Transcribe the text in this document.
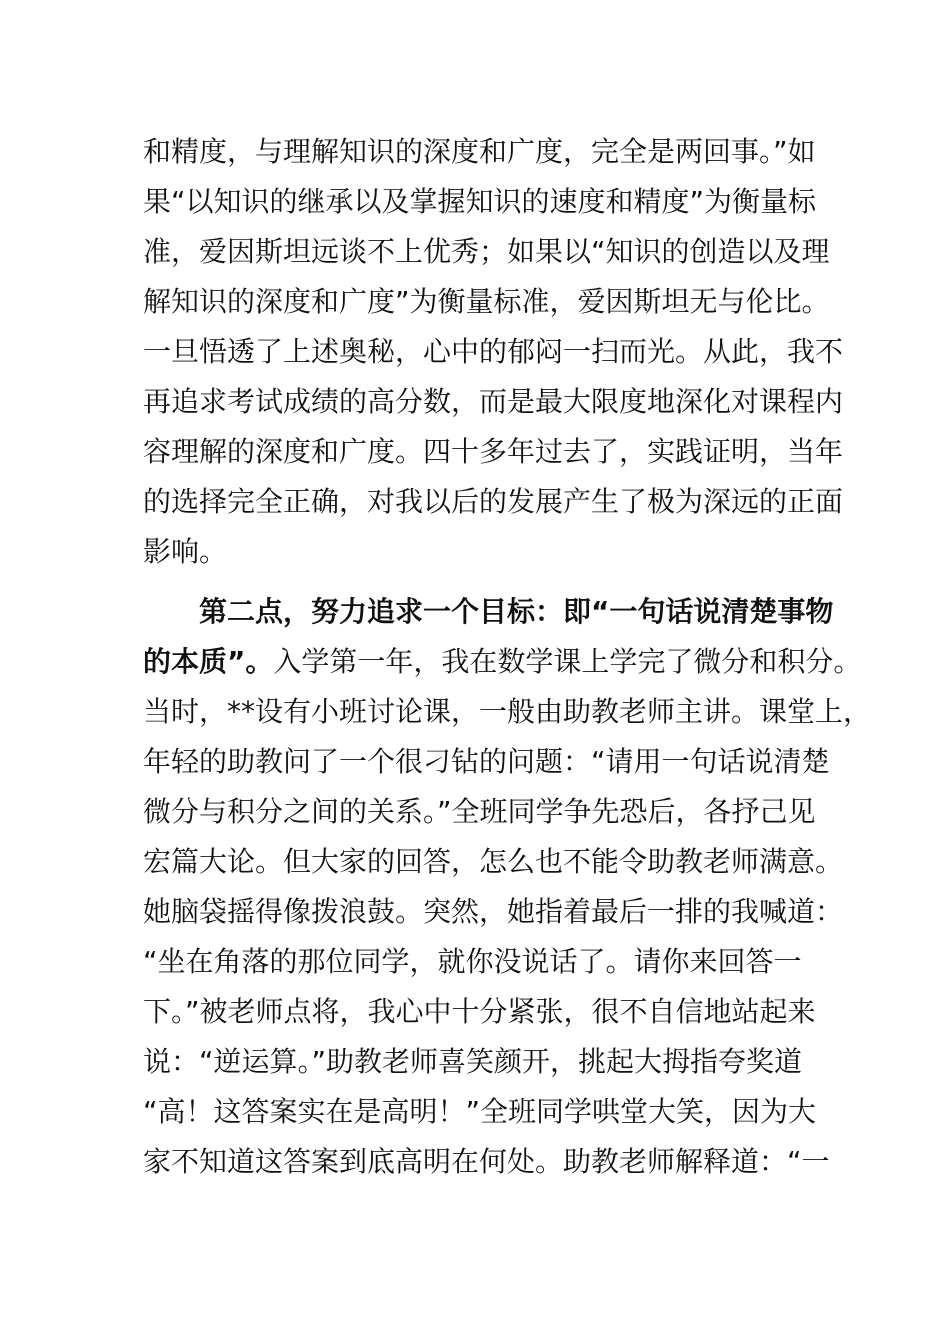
和精度，与理解知识的深度和广度，完全是两回事。”如
果“以知识的继承以及掌握知识的速度和精度”为衡量标
准，爱因斯坦远谈不上优秀；如果以“知识的创造以及理
解知识的深度和广度”为衡量标准，爱因斯坦无与伦比。
一旦悟透了上述奥秘，心中的郁闷一扫而光。从此，我不
再追求考试成绩的高分数，而是最大限度地深化对课程内
容理解的深度和广度。四十多年过去了，实践证明，当年
的选择完全正确，对我以后的发展产生了极为深远的正面
影响。
第二点，努力追求一个目标：即“一句话说清楚事物
的本质”。入学第一年，我在数学课上学完了微分和积分。
当时，**设有小班讨论课，一般由助教老师主讲。课堂上，
年轻的助教问了一个很刁钻的问题：“请用一句话说清楚
微分与积分之间的关系。”全班同学争先恐后，各抒己见
宏篇大论。但大家的回答，怎么也不能令助教老师满意。
她脑袋摇得像拨浪鼓。突然，她指着最后一排的我喊道：
“坐在角落的那位同学，就你没说话了。请你来回答一
下。”被老师点将，我心中十分紧张，很不自信地站起来
说：“逆运算。”助教老师喜笑颜开，挑起大拇指夸奖道
“高！这答案实在是高明！”全班同学哄堂大笑，因为大
家不知道这答案到底高明在何处。助教老师解释道：“一
